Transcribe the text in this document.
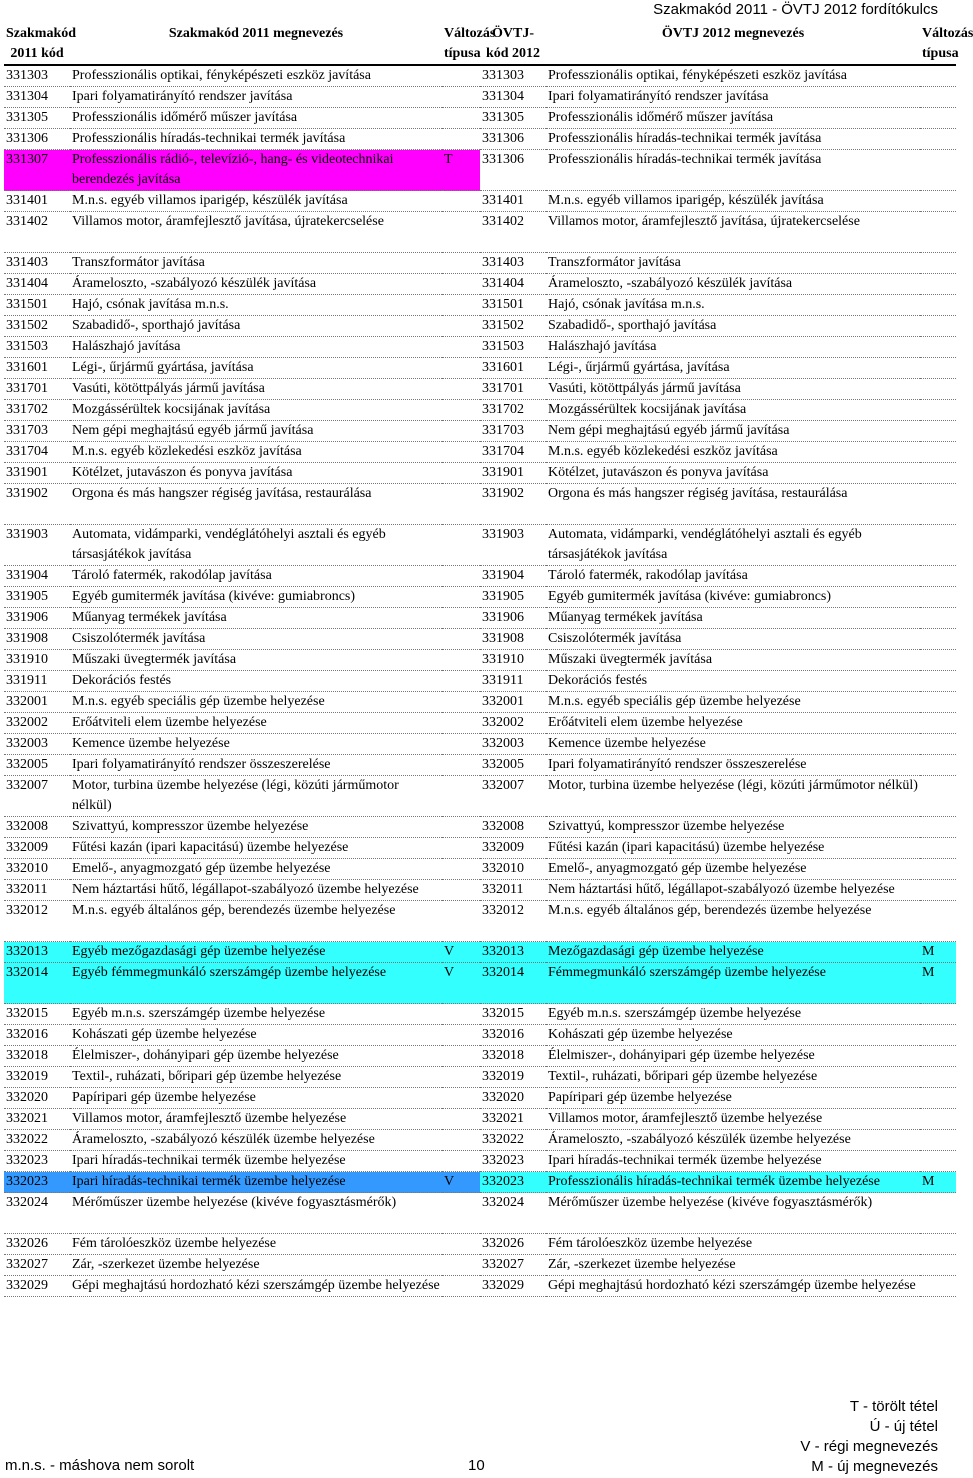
Szakmakód 2011 - ÖVTJ 2012 fordítókulcs
Szakmakód 2011 kód	Szakmakód 2011 megnevezés	Változás típusa	ÖVTJ-kód 2012	ÖVTJ 2012 megnevezés	Változás típusa
331303	Professzionális optikai, fényképészeti eszköz javítása		331303	Professzionális optikai, fényképészeti eszköz javítása	
331304	Ipari folyamatirányító rendszer javítása		331304	Ipari folyamatirányító rendszer javítása	
331305	Professzionális időmérő műszer javítása		331305	Professzionális időmérő műszer javítása	
331306	Professzionális híradás-technikai termék javítása		331306	Professzionális híradás-technikai termék javítása	
331307	Professzionális rádió-, televízió-, hang- és videotechnikai berendezés javítása	T	331306	Professzionális híradás-technikai termék javítása	
331401	M.n.s. egyéb villamos iparigép, készülék javítása		331401	M.n.s. egyéb villamos iparigép, készülék javítása	
331402	Villamos motor, áramfejlesztő javítása, újratekercselése		331402	Villamos motor, áramfejlesztő javítása, újratekercselése	
331403	Transzformátor javítása		331403	Transzformátor javítása	
331404	Árameloszto, -szabályozó készülék javítása		331404	Árameloszto, -szabályozó készülék javítása	
331501	Hajó, csónak javítása m.n.s.		331501	Hajó, csónak javítása m.n.s.	
331502	Szabadidő-, sporthajó javítása		331502	Szabadidő-, sporthajó javítása	
331503	Halászhajó javítása		331503	Halászhajó javítása	
331601	Légi-, űrjármű gyártása, javítása		331601	Légi-, űrjármű gyártása, javítása	
331701	Vasúti, kötöttpályás jármű javítása		331701	Vasúti, kötöttpályás jármű javítása	
331702	Mozgássérültek kocsijának javítása		331702	Mozgássérültek kocsijának javítása	
331703	Nem gépi meghajtású egyéb jármű javítása		331703	Nem gépi meghajtású egyéb jármű javítása	
331704	M.n.s. egyéb közlekedési eszköz javítása		331704	M.n.s. egyéb közlekedési eszköz javítása	
331901	Kötélzet, jutavászon és ponyva javítása		331901	Kötélzet, jutavászon és ponyva javítása	
331902	Orgona és más hangszer régiség javítása, restaurálása		331902	Orgona és más hangszer régiség javítása, restaurálása	
331903	Automata, vidámparki, vendéglátóhelyi asztali és egyéb társasjátékok javítása		331903	Automata, vidámparki, vendéglátóhelyi asztali és egyéb társasjátékok javítása	
331904	Tároló fatermék, rakodólap javítása		331904	Tároló fatermék, rakodólap javítása	
331905	Egyéb gumitermék javítása (kivéve: gumiabroncs)		331905	Egyéb gumitermék javítása (kivéve: gumiabroncs)	
331906	Műanyag termékek javítása		331906	Műanyag termékek javítása	
331908	Csiszolótermék javítása		331908	Csiszolótermék javítása	
331910	Műszaki üvegtermék javítása		331910	Műszaki üvegtermék javítása	
331911	Dekorációs festés		331911	Dekorációs festés	
332001	M.n.s. egyéb speciális gép üzembe helyezése		332001	M.n.s. egyéb speciális gép üzembe helyezése	
332002	Erőátviteli elem üzembe helyezése		332002	Erőátviteli elem üzembe helyezése	
332003	Kemence üzembe helyezése		332003	Kemence üzembe helyezése	
332005	Ipari folyamatirányító rendszer összeszerelése		332005	Ipari folyamatirányító rendszer összeszerelése	
332007	Motor, turbina üzembe helyezése (légi, közúti járműmotor nélkül)		332007	Motor, turbina üzembe helyezése (légi, közúti járműmotor nélkül)	
332008	Szivattyú, kompresszor üzembe helyezése		332008	Szivattyú, kompresszor üzembe helyezése	
332009	Fűtési kazán (ipari kapacitású) üzembe helyezése		332009	Fűtési kazán (ipari kapacitású) üzembe helyezése	
332010	Emelő-, anyagmozgató gép üzembe helyezése		332010	Emelő-, anyagmozgató gép üzembe helyezése	
332011	Nem háztartási hűtő, légállapot-szabályozó üzembe helyezése		332011	Nem háztartási hűtő, légállapot-szabályozó üzembe helyezése	
332012	M.n.s. egyéb általános gép, berendezés üzembe helyezése		332012	M.n.s. egyéb általános gép, berendezés üzembe helyezése	
332013	Egyéb mezőgazdasági gép üzembe helyezése	V	332013	Mezőgazdasági gép üzembe helyezése	M
332014	Egyéb fémmegmunkáló szerszámgép üzembe helyezése	V	332014	Fémmegmunkáló szerszámgép üzembe helyezése	M
332015	Egyéb m.n.s. szerszámgép üzembe helyezése		332015	Egyéb m.n.s. szerszámgép üzembe helyezése	
332016	Kohászati gép üzembe helyezése		332016	Kohászati gép üzembe helyezése	
332018	Élelmiszer-, dohányipari gép üzembe helyezése		332018	Élelmiszer-, dohányipari gép üzembe helyezése	
332019	Textil-, ruházati, bőripari gép üzembe helyezése		332019	Textil-, ruházati, bőripari gép üzembe helyezése	
332020	Papíripari gép üzembe helyezése		332020	Papíripari gép üzembe helyezése	
332021	Villamos motor, áramfejlesztő üzembe helyezése		332021	Villamos motor, áramfejlesztő üzembe helyezése	
332022	Árameloszto, -szabályozó készülék üzembe helyezése		332022	Árameloszto, -szabályozó készülék üzembe helyezése	
332023	Ipari híradás-technikai termék üzembe helyezése		332023	Ipari híradás-technikai termék üzembe helyezése	
332023	Ipari híradás-technikai termék üzembe helyezése	V	332023	Professzionális híradás-technikai termék üzembe helyezése	M
332024	Mérőműszer üzembe helyezése (kivéve fogyasztásmérők)		332024	Mérőműszer üzembe helyezése (kivéve fogyasztásmérők)	
332026	Fém tárolóeszköz üzembe helyezése		332026	Fém tárolóeszköz üzembe helyezése	
332027	Zár, -szerkezet üzembe helyezése		332027	Zár, -szerkezet üzembe helyezése	
332029	Gépi meghajtású hordozható kézi szerszámgép üzembe helyezése		332029	Gépi meghajtású hordozható kézi szerszámgép üzembe helyezése	
T - törölt tétel
Ú - új tétel
V - régi megnevezés
M - új megnevezés
m.n.s. - máshova nem sorolt	10
